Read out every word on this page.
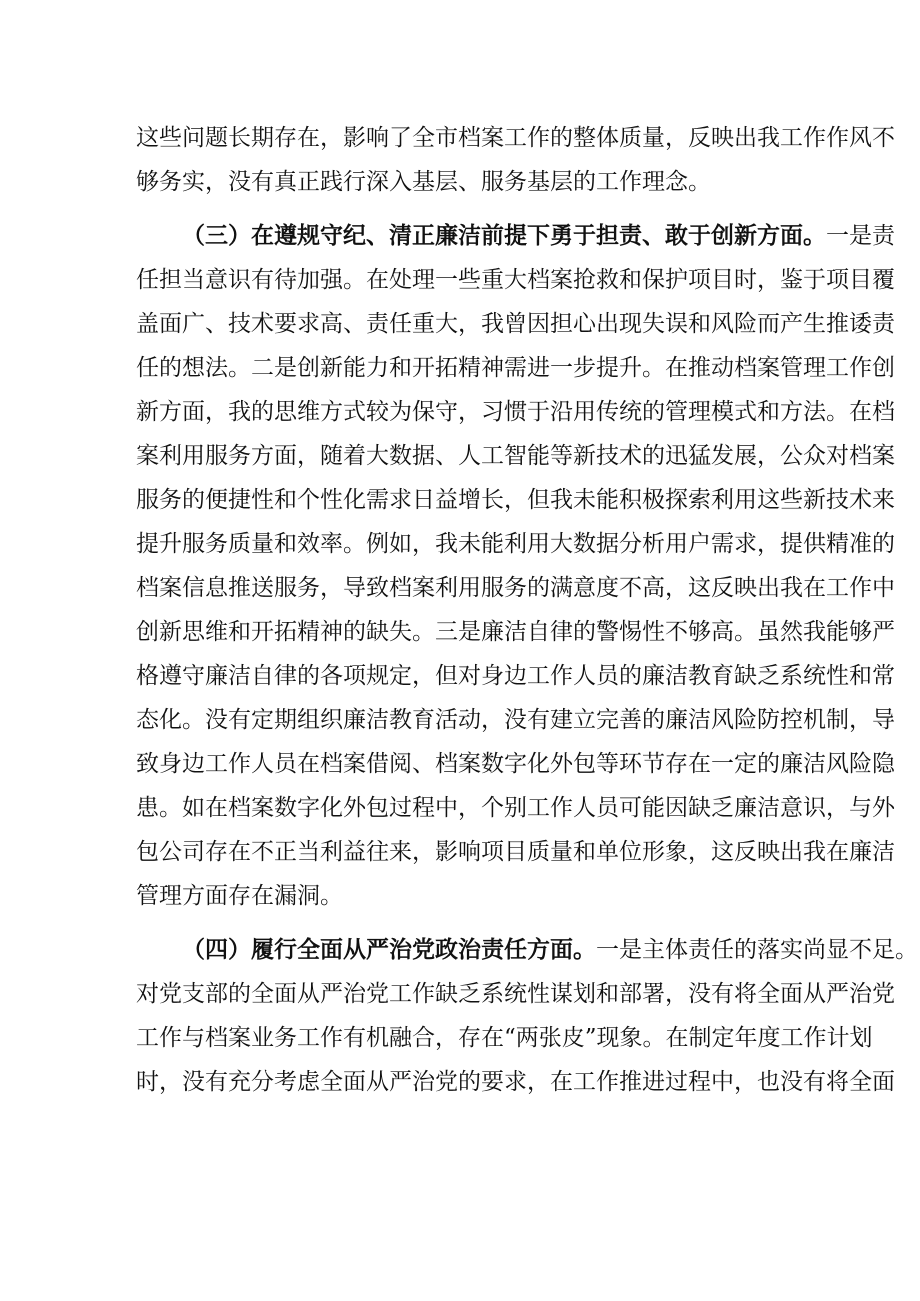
这些问题长期存在，影响了全市档案工作的整体质量，反映出我工作作风不
够务实，没有真正践行深入基层、服务基层的工作理念。
（三）在遵规守纪、清正廉洁前提下勇于担责、敢于创新方面。一是责
任担当意识有待加强。在处理一些重大档案抢救和保护项目时，鉴于项目覆
盖面广、技术要求高、责任重大，我曾因担心出现失误和风险而产生推诿责
任的想法。二是创新能力和开拓精神需进一步提升。在推动档案管理工作创
新方面，我的思维方式较为保守，习惯于沿用传统的管理模式和方法。在档
案利用服务方面，随着大数据、人工智能等新技术的迅猛发展，公众对档案
服务的便捷性和个性化需求日益增长，但我未能积极探索利用这些新技术来
提升服务质量和效率。例如，我未能利用大数据分析用户需求，提供精准的
档案信息推送服务，导致档案利用服务的满意度不高，这反映出我在工作中
创新思维和开拓精神的缺失。三是廉洁自律的警惕性不够高。虽然我能够严
格遵守廉洁自律的各项规定，但对身边工作人员的廉洁教育缺乏系统性和常
态化。没有定期组织廉洁教育活动，没有建立完善的廉洁风险防控机制，导
致身边工作人员在档案借阅、档案数字化外包等环节存在一定的廉洁风险隐
患。如在档案数字化外包过程中，个别工作人员可能因缺乏廉洁意识，与外
包公司存在不正当利益往来，影响项目质量和单位形象，这反映出我在廉洁
管理方面存在漏洞。
（四）履行全面从严治党政治责任方面。一是主体责任的落实尚显不足。
对党支部的全面从严治党工作缺乏系统性谋划和部署，没有将全面从严治党
工作与档案业务工作有机融合，存在“两张皮”现象。在制定年度工作计划
时，没有充分考虑全面从严治党的要求，在工作推进过程中，也没有将全面
